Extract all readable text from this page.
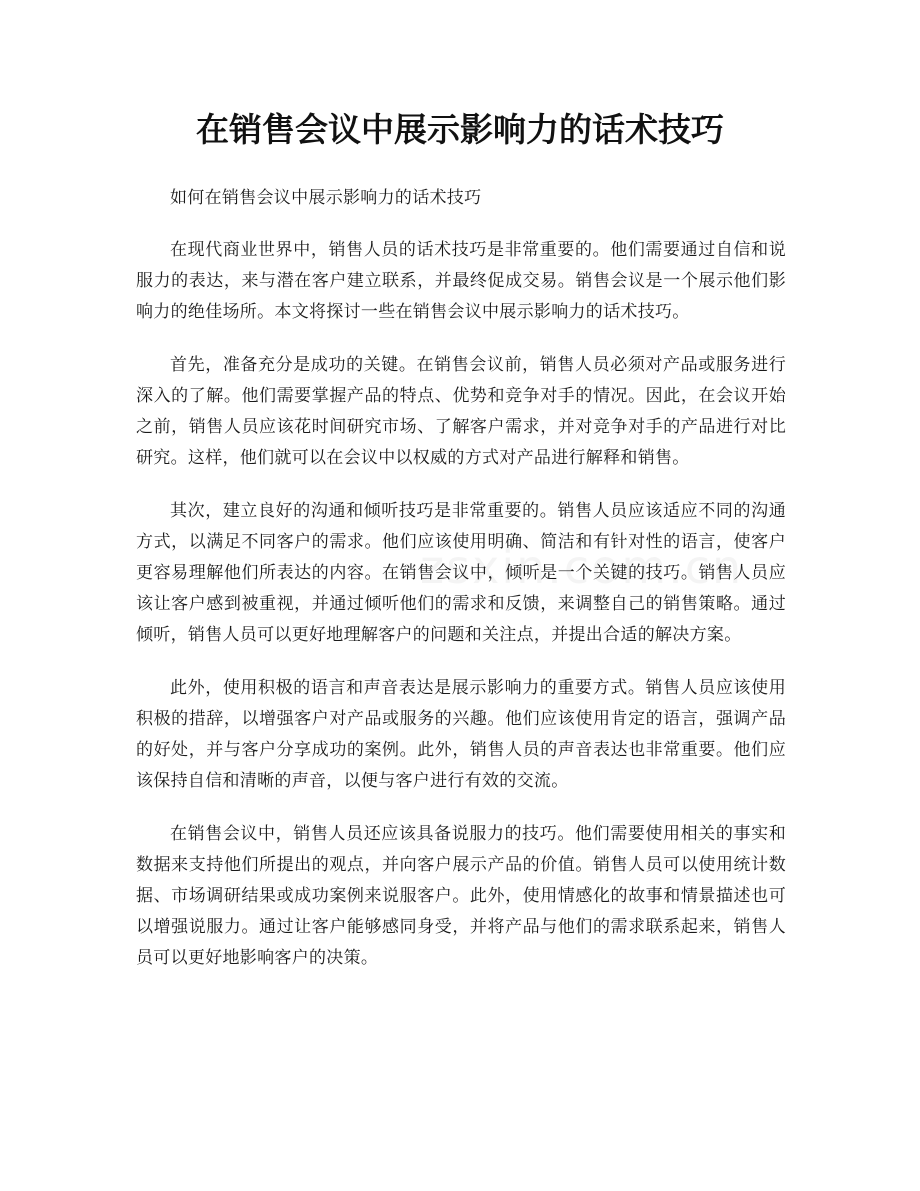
在销售会议中展示影响力的话术技巧

如何在销售会议中展示影响力的话术技巧

在现代商业世界中，销售人员的话术技巧是非常重要的。他们需要通过自信和说服力的表达，来与潜在客户建立联系，并最终促成交易。销售会议是一个展示他们影响力的绝佳场所。本文将探讨一些在销售会议中展示影响力的话术技巧。

首先，准备充分是成功的关键。在销售会议前，销售人员必须对产品或服务进行深入的了解。他们需要掌握产品的特点、优势和竞争对手的情况。因此，在会议开始之前，销售人员应该花时间研究市场、了解客户需求，并对竞争对手的产品进行对比研究。这样，他们就可以在会议中以权威的方式对产品进行解释和销售。

其次，建立良好的沟通和倾听技巧是非常重要的。销售人员应该适应不同的沟通方式，以满足不同客户的需求。他们应该使用明确、简洁和有针对性的语言，使客户更容易理解他们所表达的内容。在销售会议中，倾听是一个关键的技巧。销售人员应该让客户感到被重视，并通过倾听他们的需求和反馈，来调整自己的销售策略。通过倾听，销售人员可以更好地理解客户的问题和关注点，并提出合适的解决方案。

此外，使用积极的语言和声音表达是展示影响力的重要方式。销售人员应该使用积极的措辞，以增强客户对产品或服务的兴趣。他们应该使用肯定的语言，强调产品的好处，并与客户分享成功的案例。此外，销售人员的声音表达也非常重要。他们应该保持自信和清晰的声音，以便与客户进行有效的交流。

在销售会议中，销售人员还应该具备说服力的技巧。他们需要使用相关的事实和数据来支持他们所提出的观点，并向客户展示产品的价值。销售人员可以使用统计数据、市场调研结果或成功案例来说服客户。此外，使用情感化的故事和情景描述也可以增强说服力。通过让客户能够感同身受，并将产品与他们的需求联系起来，销售人员可以更好地影响客户的决策。
